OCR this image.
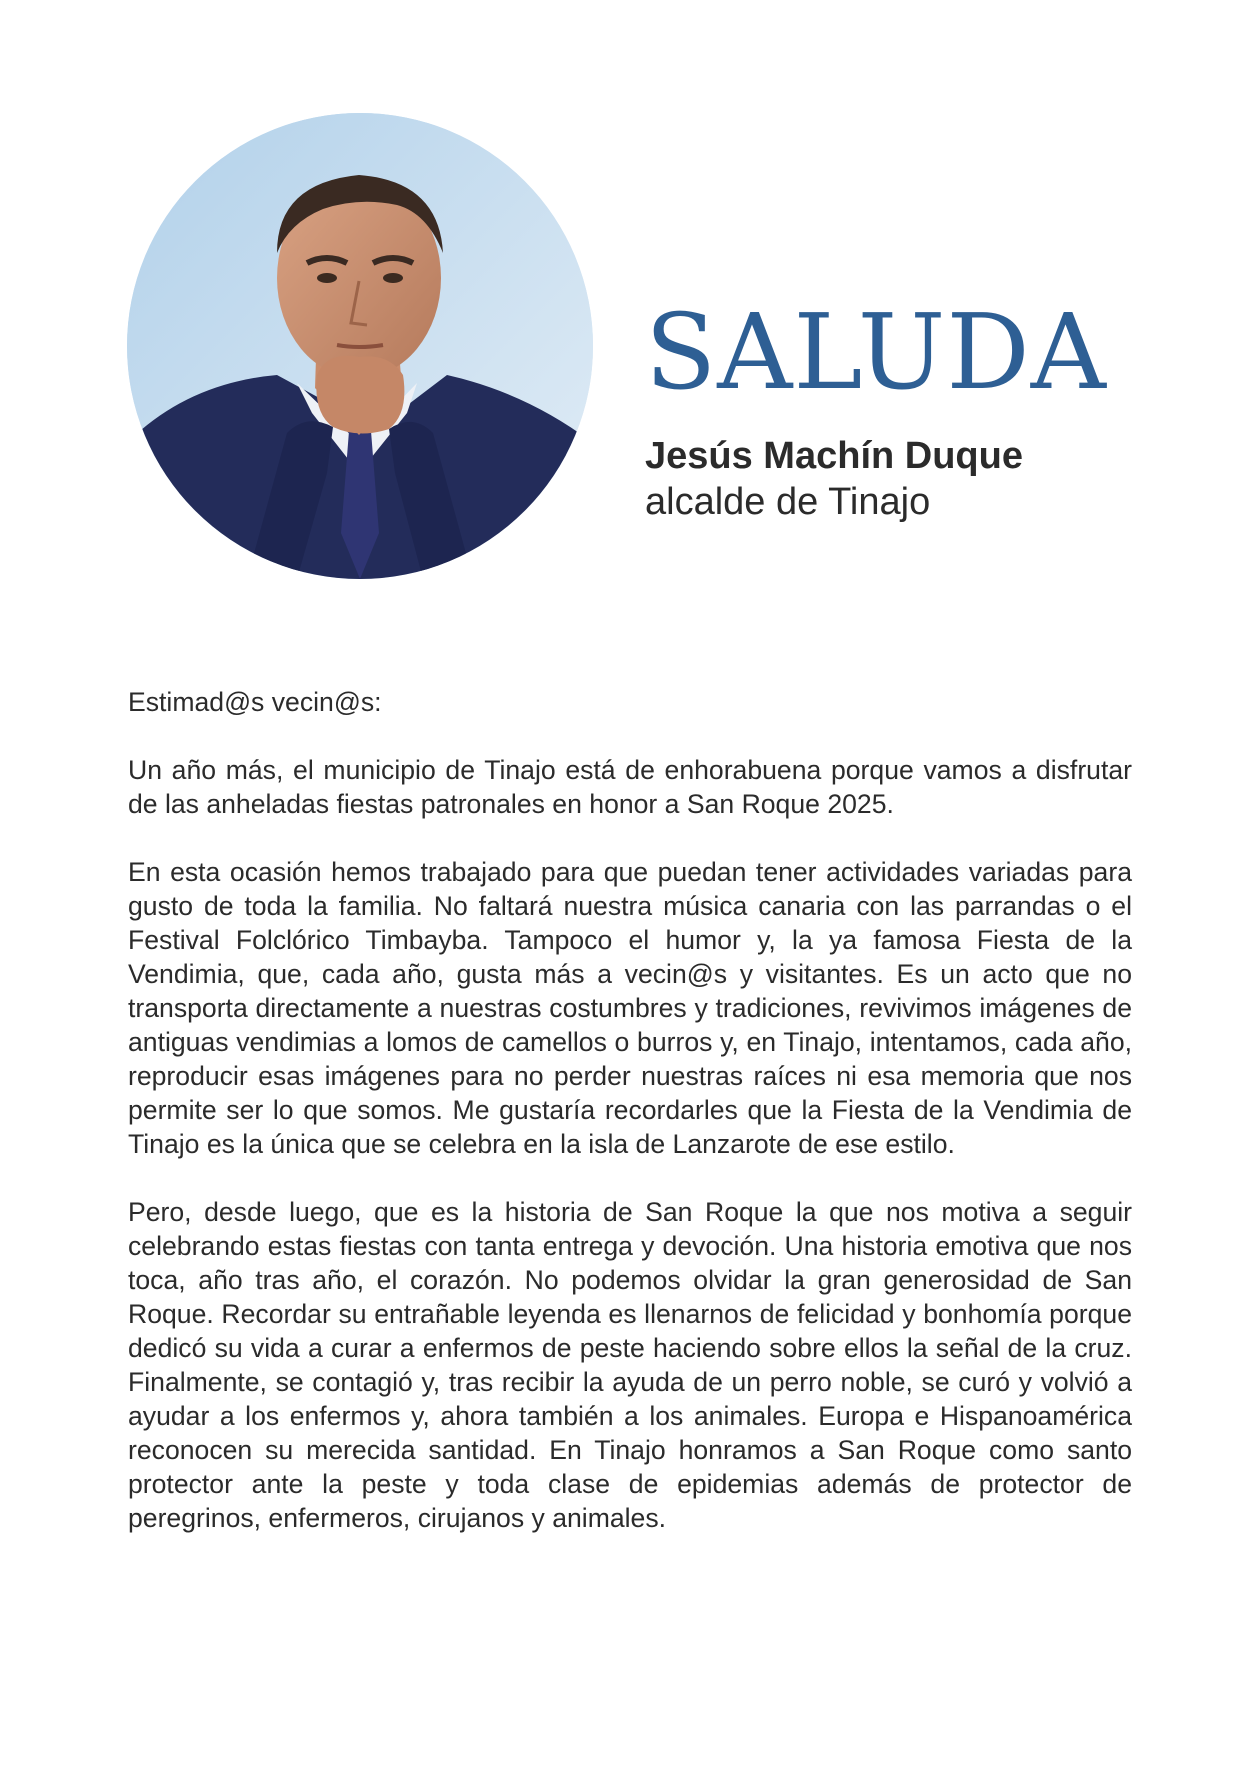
SALUDA
Jesús Machín Duque
alcalde de Tinajo

Estimad@s vecin@s:

Un año más, el municipio de Tinajo está de enhorabuena porque vamos a disfrutar de las anheladas fiestas patronales en honor a San Roque 2025.

En esta ocasión hemos trabajado para que puedan tener actividades variadas para gusto de toda la familia. No faltará nuestra música canaria con las parrandas o el Festival Folclórico Timbayba. Tampoco el humor y, la ya famosa Fiesta de la Vendimia, que, cada año, gusta más a vecin@s y visitantes. Es un acto que no transporta directamente a nuestras costumbres y tradiciones, revivimos imágenes de antiguas vendimias a lomos de camellos o burros y, en Tinajo, intentamos, cada año, reproducir esas imágenes para no perder nuestras raíces ni esa memoria que nos permite ser lo que somos. Me gustaría recordarles que la Fiesta de la Vendimia de Tinajo es la única que se celebra en la isla de Lanzarote de ese estilo.

Pero, desde luego, que es la historia de San Roque la que nos motiva a seguir celebrando estas fiestas con tanta entrega y devoción. Una historia emotiva que nos toca, año tras año, el corazón. No podemos olvidar la gran generosidad de San Roque. Recordar su entrañable leyenda es llenarnos de felicidad y bonhomía porque dedicó su vida a curar a enfermos de peste haciendo sobre ellos la señal de la cruz. Finalmente, se contagió y, tras recibir la ayuda de un perro noble, se curó y volvió a ayudar a los enfermos y, ahora también a los animales. Europa e Hispanoamérica reconocen su merecida santidad. En Tinajo honramos a San Roque como santo protector ante la peste y toda clase de epidemias además de protector de peregrinos, enfermeros, cirujanos y animales.
